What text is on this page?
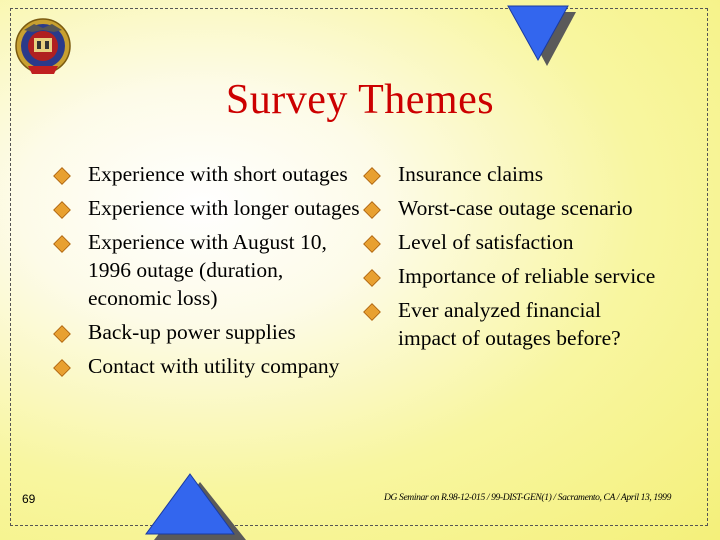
Survey Themes
Experience with short outages
Experience with longer outages
Experience with August 10, 1996 outage (duration, economic loss)
Back-up power supplies
Contact with utility company
Insurance claims
Worst-case outage scenario
Level of satisfaction
Importance of reliable service
Ever analyzed financial impact of outages before?
69	DG Seminar on R.98-12-015 / 99-DIST-GEN(1) / Sacramento, CA / April 13, 1999
